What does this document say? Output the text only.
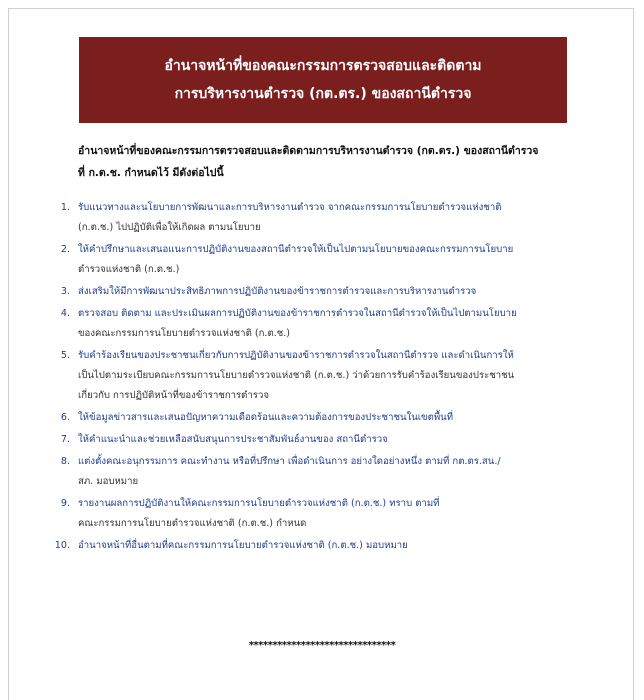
อำนาจหน้าที่ของคณะกรรมการตรวจสอบและติดตาม
การบริหารงานตำรวจ (กต.ตร.) ของสถานีตำรวจ
อำนาจหน้าที่ของคณะกรรมการตรวจสอบและติดตามการบริหารงานตำรวจ (กต.ตร.) ของสถานีตำรวจ
ที่ ก.ต.ช. กำหนดไว้ มีดังต่อไปนี้
1. รับแนวทางและนโยบายการพัฒนาและการบริหารงานตำรวจ จากคณะกรรมการนโยบายตำรวจแห่งชาติ
(ก.ต.ช.) ไปปฏิบัติเพื่อให้เกิดผล ตามนโยบาย
2. ให้คำปรึกษาและเสนอแนะการปฏิบัติงานของสถานีตำรวจให้เป็นไปตามนโยบายของคณะกรรมการนโยบาย
ตำรวจแห่งชาติ (ก.ต.ช.)
3. ส่งเสริมให้มีการพัฒนาประสิทธิภาพการปฏิบัติงานของข้าราชการตำรวจและการบริหารงานตำรวจ
4. ตรวจสอบ ติดตาม และประเมินผลการปฏิบัติงานของข้าราชการตำรวจในสถานีตำรวจให้เป็นไปตามนโยบาย
ของคณะกรรมการนโยบายตำรวจแห่งชาติ (ก.ต.ช.)
5. รับคำร้องเรียนของประชาชนเกี่ยวกับการปฏิบัติงานของข้าราชการตำรวจในสถานีตำรวจ และดำเนินการให้
เป็นไปตามระเบียบคณะกรรมการนโยบายตำรวจแห่งชาติ (ก.ต.ช.) ว่าด้วยการรับคำร้องเรียนของประชาชน
เกี่ยวกับ การปฏิบัติหน้าที่ของข้าราชการตำรวจ
6. ให้ข้อมูลข่าวสารและเสนอปัญหาความเดือดร้อนและความต้องการของประชาชนในเขตพื้นที่
7. ให้คำแนะนำและช่วยเหลือสนับสนุนการประชาสัมพันธ์งานของ สถานีตำรวจ
8. แต่งตั้งคณะอนุกรรมการ คณะทำงาน หรือที่ปรึกษา เพื่อดำเนินการ อย่างใดอย่างหนึ่ง ตามที่ กต.ตร.สน./
สภ. มอบหมาย
9. รายงานผลการปฏิบัติงานให้คณะกรรมการนโยบายตำรวจแห่งชาติ (ก.ต.ช.) ทราบ ตามที่
คณะกรรมการนโยบายตำรวจแห่งชาติ (ก.ต.ช.) กำหนด
10. อำนาจหน้าที่อื่นตามที่คณะกรรมการนโยบายตำรวจแห่งชาติ (ก.ต.ช.) มอบหมาย
*******************************
